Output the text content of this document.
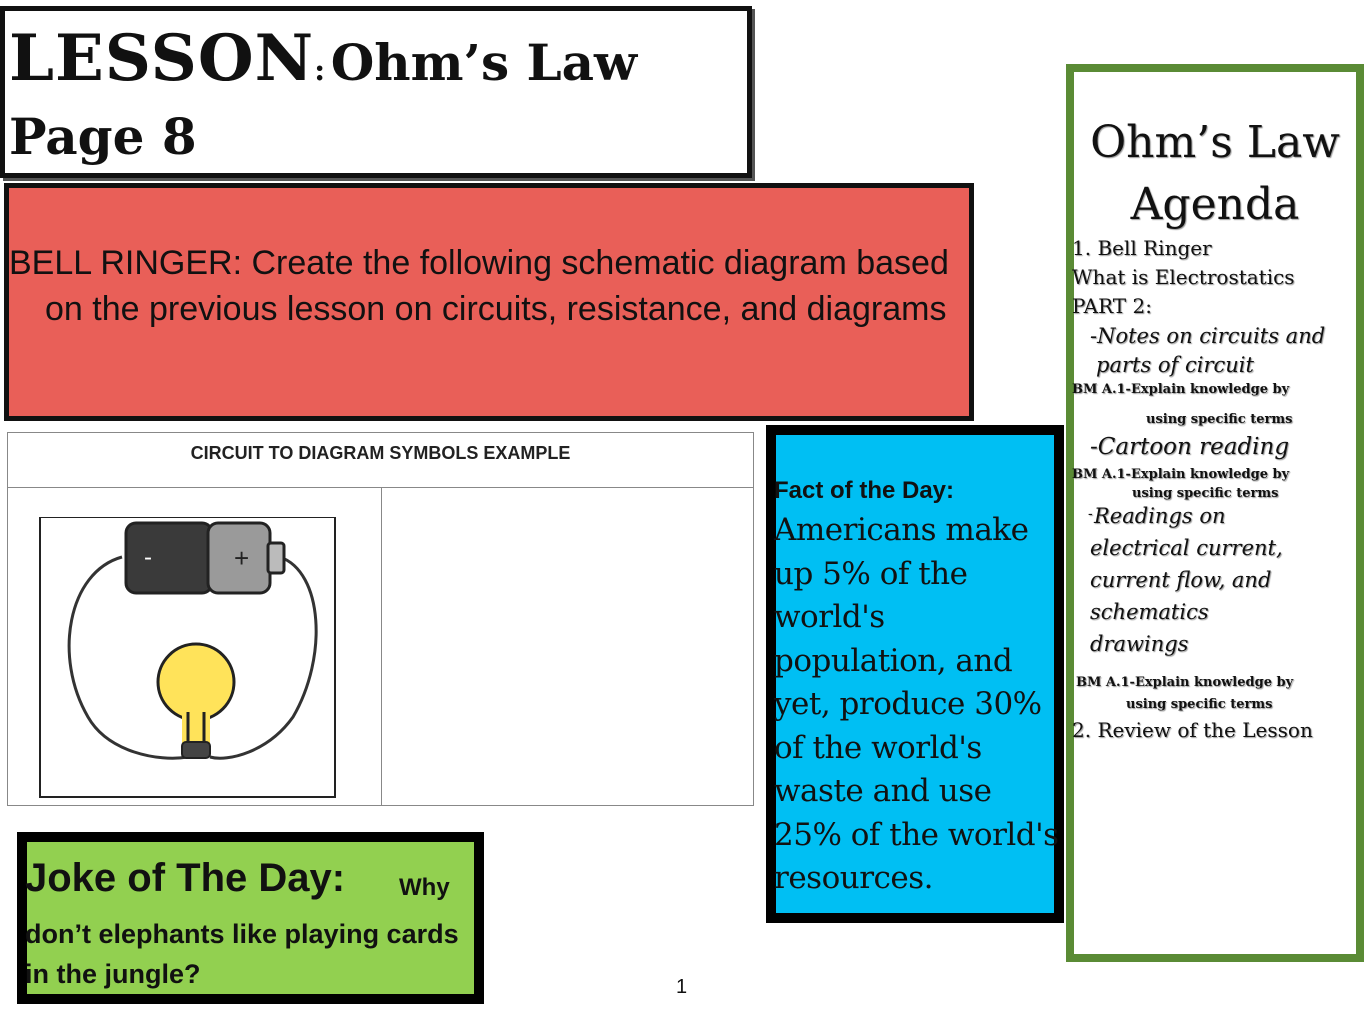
LESSON: Ohm’s Law
Page 8
BELL RINGER: Create the following schematic diagram based on the previous lesson on circuits, resistance, and diagrams
CIRCUIT TO DIAGRAM SYMBOLS EXAMPLE
-	+
Fact of the Day:
Americans make up 5% of the world's population, and yet, produce 30% of the world's waste and use 25% of the world's resources.
Ohm’s Law Agenda
1. Bell Ringer
What is Electrostatics
PART 2:
-Notes on circuits and
parts of circuit
BM A.1-Explain knowledge by
using specific terms
-Cartoon reading
BM A.1-Explain knowledge by
using specific terms
- Readings on
electrical current,
current flow, and
schematics
drawings
BM A.1-Explain knowledge by
using specific terms
2. Review of the Lesson
Joke of The Day: Why
don’t elephants like playing cards in the jungle?	1
